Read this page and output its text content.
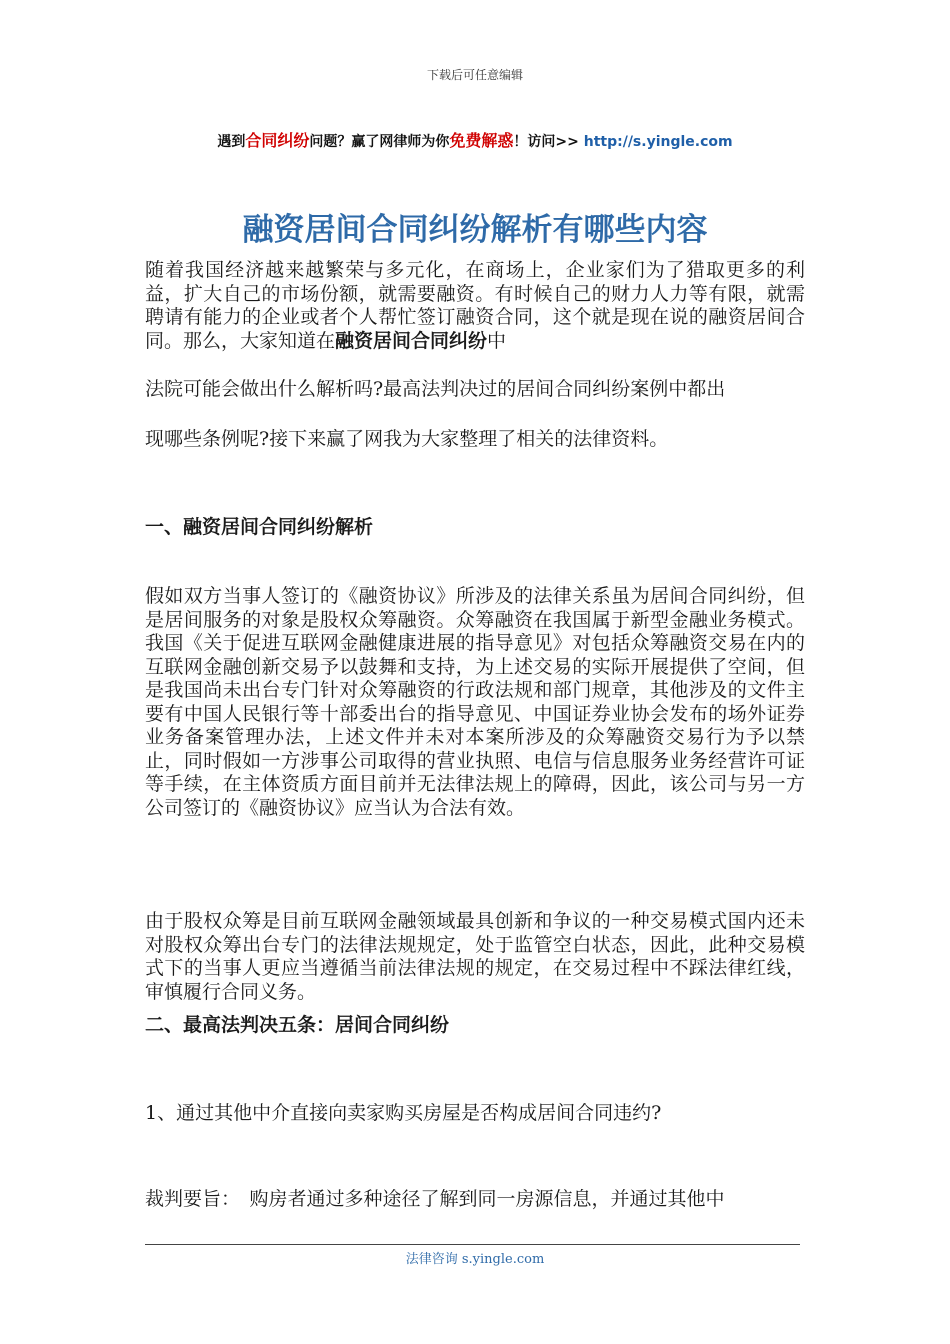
下载后可任意编辑
遇到合同纠纷问题？赢了网律师为你免费解惑！访问>> http://s.yingle.com
融资居间合同纠纷解析有哪些内容

随着我国经济越来越繁荣与多元化，在商场上，企业家们为了猎取更多的利益，扩大自己的市场份额，就需要融资。有时候自己的财力人力等有限，就需聘请有能力的企业或者个人帮忙签订融资合同，这个就是现在说的融资居间合同。那么，大家知道在融资居间合同纠纷中

法院可能会做出什么解析吗?最高法判决过的居间合同纠纷案例中都出
现哪些条例呢?接下来赢了网我为大家整理了相关的法律资料。
一、融资居间合同纠纷解析

假如双方当事人签订的《融资协议》所涉及的法律关系虽为居间合同纠纷，但是居间服务的对象是股权众筹融资。众筹融资在我国属于新型金融业务模式。我国《关于促进互联网金融健康进展的指导意见》对包括众筹融资交易在内的互联网金融创新交易予以鼓舞和支持，为上述交易的实际开展提供了空间，但是我国尚未出台专门针对众筹融资的行政法规和部门规章，其他涉及的文件主要有中国人民银行等十部委出台的指导意见、中国证券业协会发布的场外证券业务备案管理办法，上述文件并未对本案所涉及的众筹融资交易行为予以禁止，同时假如一方涉事公司取得的营业执照、电信与信息服务业务经营许可证等手续，在主体资质方面目前并无法律法规上的障碍，因此，该公司与另一方公司签订的《融资协议》应当认为合法有效。

由于股权众筹是目前互联网金融领域最具创新和争议的一种交易模式国内还未对股权众筹出台专门的法律法规规定，处于监管空白状态，因此，此种交易模式下的当事人更应当遵循当前法律法规的规定，在交易过程中不踩法律红线，审慎履行合同义务。

二、最高法判决五条：居间合同纠纷
1、通过其他中介直接向卖家购买房屋是否构成居间合同违约?
裁判要旨：　购房者通过多种途径了解到同一房源信息，并通过其他中
法律咨询 s.yingle.com
